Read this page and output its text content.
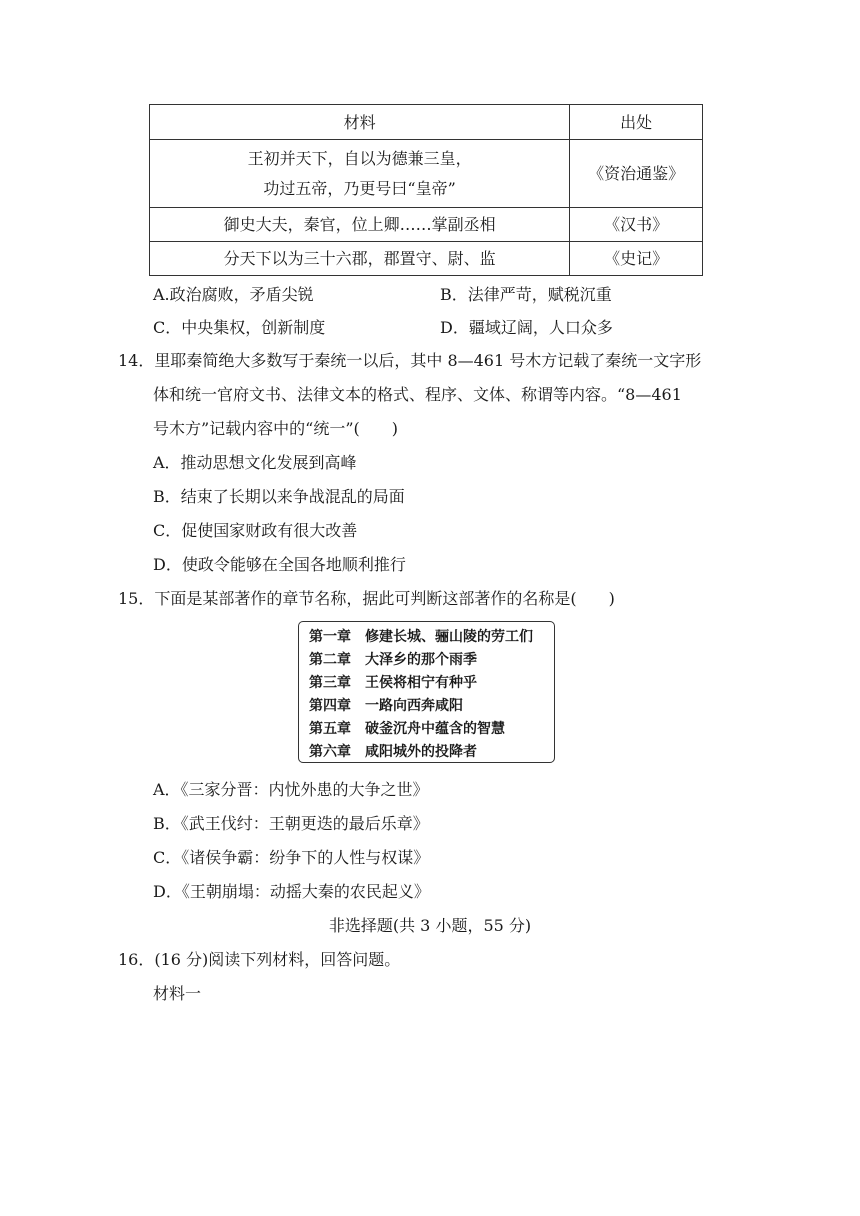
材料	出处

王初并天下，自以为德兼三皇，
功过五帝，乃更号曰“皇帝”	《资治通鉴》
御史大夫，秦官，位上卿……掌副丞相	《汉书》
分天下以为三十六郡，郡置守、尉、监	《史记》
A.政治腐败，矛盾尖锐	B．法律严苛，赋税沉重
C．中央集权，创新制度	D．疆域辽阔，人口众多
14．里耶秦简绝大多数写于秦统一以后，其中 8—461 号木方记载了秦统一文字形
体和统一官府文书、法律文本的格式、程序、文体、称谓等内容。“8—461
号木方”记载内容中的“统一”(　　)
A．推动思想文化发展到高峰
B．结束了长期以来争战混乱的局面
C．促使国家财政有很大改善
D．使政令能够在全国各地顺利推行
15．下面是某部著作的章节名称，据此可判断这部著作的名称是(　　)
第一章　修建长城、骊山陵的劳工们
第二章　大泽乡的那个雨季
第三章　王侯将相宁有种乎
第四章　一路向西奔咸阳
第五章　破釜沉舟中蕴含的智慧
第六章　咸阳城外的投降者
A．《三家分晋：内忧外患的大争之世》
B．《武王伐纣：王朝更迭的最后乐章》
C．《诸侯争霸：纷争下的人性与权谋》
D．《王朝崩塌：动摇大秦的农民起义》
非选择题(共 3 小题，55 分)
16．(16 分)阅读下列材料，回答问题。
材料一
